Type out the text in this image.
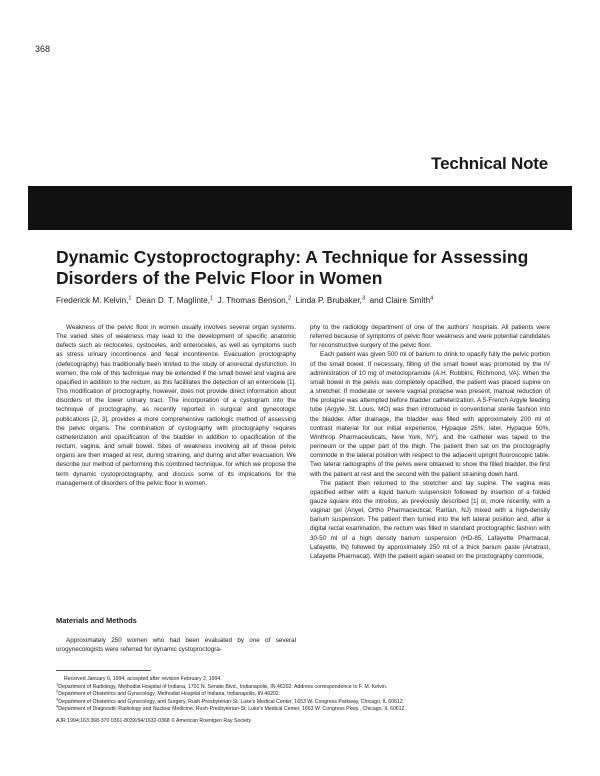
368
Technical Note
Dynamic Cystoproctography: A Technique for Assessing
Disorders of the Pelvic Floor in Women
Frederick M. Kelvin,$^1$ Dean D. T. Maglinte,$^1$ J. Thomas Benson,$^2$ Linda P. Brubaker,$^3$ and Claire Smith$^4$

Weakness of the pelvic floor in women usually involves several organ systems. The varied sites of weakness may lead to the development of specific anatomic defects such as rectoceles, cystoceles, and enteroceles, as well as symptoms such as stress urinary incontinence and fecal incontinence. Evacuation proctography (defecography) has traditionally been limited to the study of anorectal dysfunction. In women, the role of this technique may be extended if the small bowel and vagina are opacified in addition to the rectum, as this facilitates the detection of an enterocele [1]. This modification of proctography, however, does not provide direct information about disorders of the lower urinary tract. The incorporation of a cystogram into the technique of proctography, as recently reported in surgical and gynecologic publications [2, 3], provides a more comprehensive radiologic method of assessing the pelvic organs. The combination of cystography with proctography requires catheterization and opacification of the bladder in addition to opacification of the rectum, vagina, and small bowel. Sites of weakness involving all of these pelvic organs are then imaged at rest, during straining, and during and after evacuation. We describe our method of performing this combined technique, for which we propose the term dynamic cystoproctography, and discuss some of its implications for the management of disorders of the pelvic floor in women.

Materials and Methods

Approximately 250 women who had been evaluated by one of several urogynecologists were referred for dynamic cystoproctogra-

phy to the radiology department of one of the authors' hospitals. All patients were referred because of symptoms of pelvic floor weakness and were potential candidates for reconstructive surgery of the pelvic floor.

Each patient was given 500 ml of barium to drink to opacify fully the pelvic portion of the small bowel. If necessary, filling of the small bowel was promoted by the IV administration of 10 mg of metoclopramide (A.H. Robbins, Richmond, VA). When the small bowel in the pelvis was completely opacified, the patient was placed supine on a stretcher. If moderate or severe vaginal prolapse was present, manual reduction of the prolapse was attempted before bladder catheterization. A 5-French Argyle feeding tube (Argyle, St. Louis, MO) was then introduced in conventional sterile fashion into the bladder. After drainage, the bladder was filled with approximately 200 ml of contrast material for our initial experience, Hypaque 25%; later, Hypaque 50%, Winthrop Pharmaceuticals, New York, NY), and the catheter was taped to the perineum or the upper part of the thigh. The patient then sat on the proctography commode in the lateral position with respect to the adjacent upright fluoroscopic table. Two lateral radiographs of the pelvis were obtained to show the filled bladder, the first with the patient at rest and the second with the patient straining down hard.

The patient then returned to the stretcher and lay supine. The vagina was opacified either with a liquid barium suspension followed by insertion of a folded gauze square into the introitus, as previously described [1] or, more recently, with a vaginal gel (Anyel, Ortho Pharmaceutical, Raritan, NJ) mixed with a high-density barium suspension. The patient then turned into the left lateral position and, after a digital rectal examination, the rectum was filled in standard proctographic fashion with 30-50 ml of a high density barium suspension (HD-85, Lafayette Pharmacal, Lafayette, IN) followed by approximately 250 ml of a thick barium paste (Anatrast, Lafayette Pharmacal). With the patient again seated on the proctography commode,

Received January 6, 1994; accepted after revision February 2, 1994.
$^1$Department of Radiology, Methodist Hospital of Indiana, 1701 N. Senate Blvd., Indianapolis, IN 46202. Address correspondence to F. M. Kelvin.
$^2$Department of Obstetrics and Gynecology, Methodist Hospital of Indiana, Indianapolis, IN 46202.
$^3$Department of Obstetrics and Gynecology, and Surgery, Rush-Presbyterian-St. Luke's Medical Center, 1653 W. Congress Parkway, Chicago, IL 60612.
$^4$Department of Diagnostic Radiology and Nuclear Medicine, Rush-Presbyterian-St. Luke's Medical Center, 1653 W. Congress Pkwy., Chicago, IL 60612.
AJR 1994;163:368-370 0361-803X/94/1632-0368 © American Roentgen Ray Society
